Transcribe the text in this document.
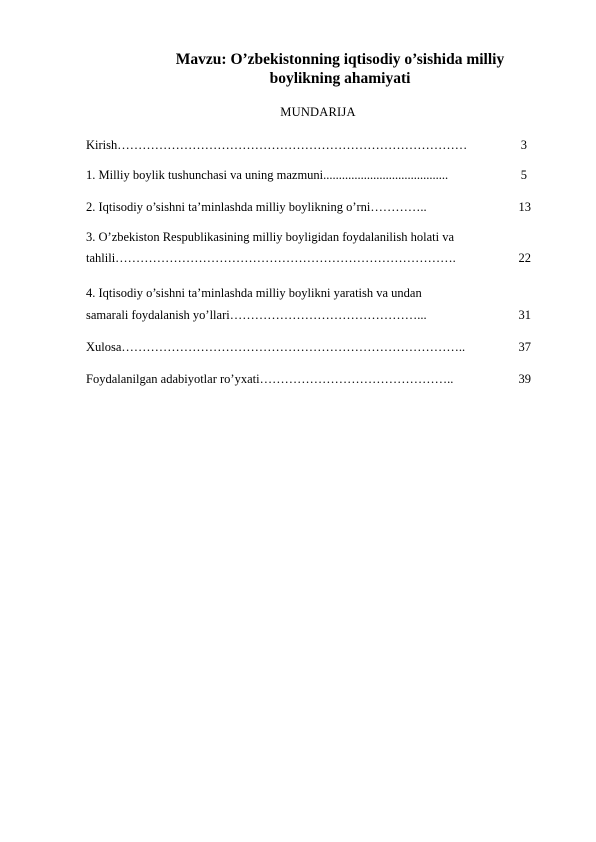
Mavzu: O’zbekistonning iqtisodiy o’sishida milliy boylikning ahamiyati
MUNDARIJA
Kirish…………………………………………………………………………	3
1. Milliy boylik tushunchasi va uning mazmuni........................................	5
2. Iqtisodiy o’sishni ta’minlashda milliy boylikning o’rni…………..	13
3. O’zbekiston Respublikasining milliy boyligidan foydalanilish holati va
tahlili……………………………………………………………………….	22
4. Iqtisodiy o’sishni ta’minlashda milliy boylikni yaratish va undan
samarali foydalanish yo’llari………………………………………...	31
Xulosa………………………………………………………………………..	37
Foydalanilgan adabiyotlar ro’yxati………………………………………..	39
